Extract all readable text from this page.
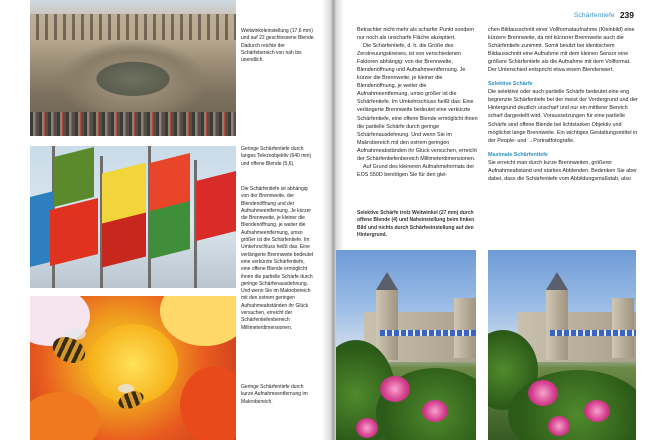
Weitwinkeleinstellung (17,6 mm) und auf 22 geschlossene Blende. Dadurch reichte der Schärfebereich von nah bis unendlich.
Geringe Schärfentiefe durch langes Telezoobjektiv (640 mm) und offene Blende (5,6).
Die Schärfentiefe ist abhängig von der Brennweite, der Blendenöffnung und der Aufnahmeentfernung. Je kürzer die Brennweite, je kleiner die Blendenöffnung, je weiter die Aufnahmeentfernung, umso größer ist die Schärfentiefe. Im Umkehrschluss heißt das: Eine verlängerte Brennweite bedeutet eine verkürzte Schärfentiefe, eine offene Blende ermöglicht ihnen die partielle Schärfe durch geringe Schärfenausdehnung. Und wenn Sie im Makrobereich mit den extrem geringen Aufnahmeabständen ihr Glück versuchen, erreicht der Schärfentiefenbereich Millimeterdimensionen.
Geringe Schärfentiefe durch kurze Aufnahmeentfernung im Makrobereich.
Schärfentiefe 239

Betrachter nicht mehr als scharfer Punkt sondern nur noch als unscharfe Fläche akzeptiert.

Die Schärfentiefe, d. h. die Größe des Zerstreuungskreises, ist von verschiedenen Faktoren abhängig: von der Brennweite, Blendenöffnung und Aufnahmeentfernung. Je kürzer die Brennweite, je kleiner die Blendenöffnung, je weiter die Aufnahmeentfernung, umso größer ist die Schärfentiefe. Im Umkehrschluss heißt das: Eine verlängerte Brennweite bedeutet eine verkürzte Schärfentiefe, eine offene Blende ermöglicht ihnen die partielle Schärfe durch geringe Schärfenausdehnung. Und wenn Sie im Makrobereich mit den extrem geringen Aufnahmeabständen ihr Glück versuchen, erreicht der Schärfentiefenbereich Millimeterdimensionen.

Auf Grund des kleineren Aufnahmeformats der EOS 550D benötigen Sie für den glei-

Selektive Schärfe trotz Weitwinkel (27 mm) durch offene Blende (4) und Naheinstellung beim linken Bild und nichts durch Schärfeeinstellung auf den Hintergrund.

chen Bildausschnitt einer Vollformataufnahme (Kleinbild) eine kürzere Brennweite, da mit kürzerer Brennweite auch die Schärfentiefe zunimmt. Somit besitzt bei identischem Bildausschnitt eine Aufnahme mit dem kleinen Sensor eine größere Schärfentiefe als die Aufnahme mit dem Vollformat. Der Unterschied entspricht etwa einem Blendenwert.

Selektive Schärfe

Die selektive oder auch partielle Schärfe bedeutet eine eng begrenzte Schärfentiefe bei der meist der Vordergrund und der Hintergrund deutlich unscharf und nur ein mittlerer Bereich scharf dargestellt wird. Voraussetzungen für eine partielle Schärfe sind offene Blende bei lichtstarken Objektiv und möglichst lange Brennweite. Ein wichtiges Gestaltungsmittel in der People- und →Portraitfotografie.

Maximale Schärfentiefe

Sie erreicht man durch kurze Brennweiten, größerer Aufnahmeabstand und starkes Abblenden. Bedenken Sie aber dabei, dass die Schärfentiefe vom Abbildungsmaßstab, also
